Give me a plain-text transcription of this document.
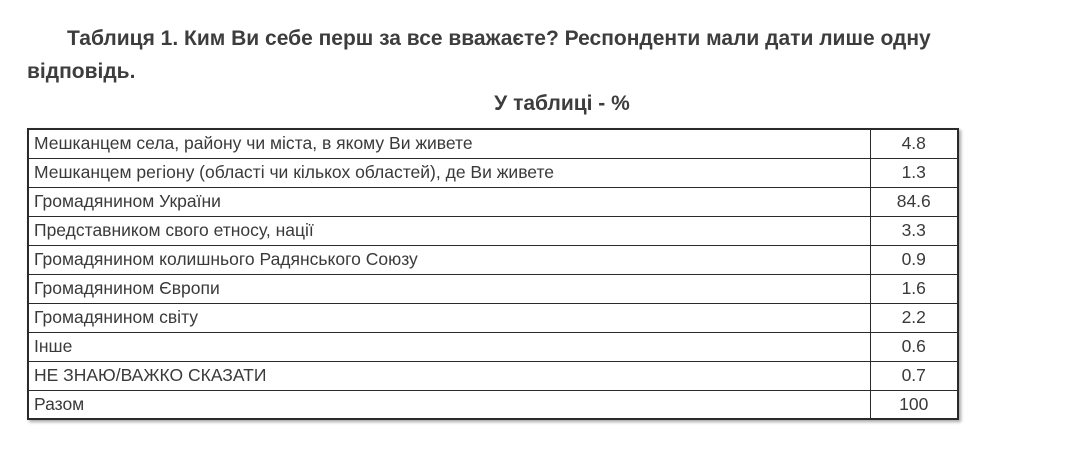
Таблиця 1. Ким Ви себе перш за все вважаєте? Респонденти мали дати лише одну відповідь.

У таблиці - %

Мешканцем села, району чи міста, в якому Ви живете	4.8
Мешканцем регіону (області чи кількох областей), де Ви живете	1.3
Громадянином України	84.6
Представником свого етносу, нації	3.3
Громадянином колишнього Радянського Союзу	0.9
Громадянином Європи	1.6
Громадянином світу	2.2
Інше	0.6
НЕ ЗНАЮ/ВАЖКО СКАЗАТИ	0.7
Разом	100
